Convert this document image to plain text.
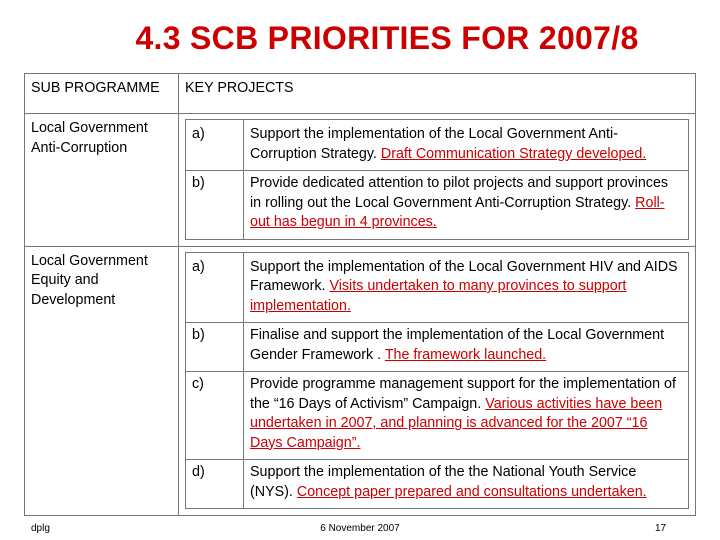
4.3 SCB PRIORITIES FOR 2007/8
SUB PROGRAMME	KEY PROJECTS
Local Government Anti-Corruption	
a)	Support the implementation of the Local Government Anti-Corruption Strategy. Draft Communication Strategy developed.
b)	Provide dedicated attention to pilot projects and support provinces in rolling out the Local Government Anti-Corruption Strategy. Roll-out has begun in 4 provinces.

Local Government Equity and Development	
a)	Support the implementation of the Local Government HIV and AIDS Framework. Visits undertaken to many provinces to support implementation.
b)	Finalise and support the implementation of the Local Government Gender Framework . The framework launched.
c)	Provide programme management support for the implementation of the “16 Days of Activism” Campaign. Various activities have been undertaken in 2007, and planning is advanced for the 2007 “16 Days Campaign”.
d)	Support the implementation of the the National Youth Service (NYS). Concept paper prepared and consultations undertaken.
dplg	6 November 2007	17
